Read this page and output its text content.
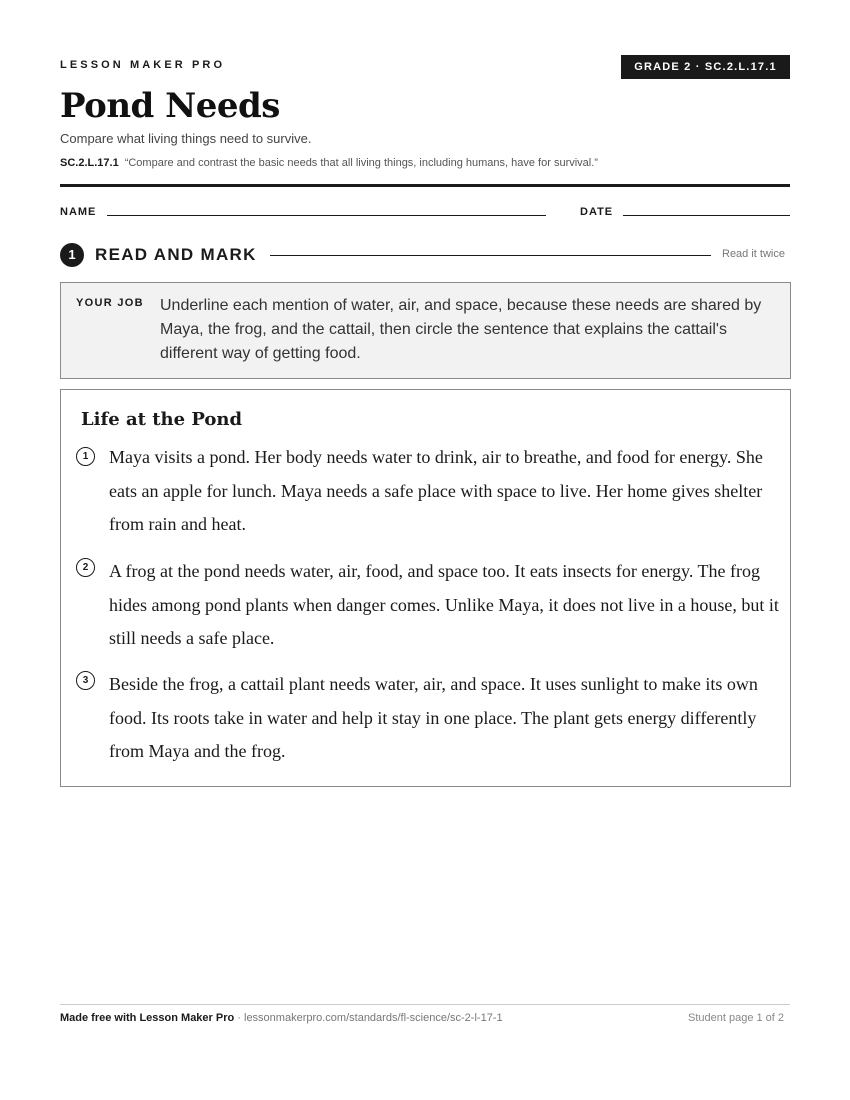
LESSON MAKER PRO	GRADE 2 · SC.2.L.17.1
Pond Needs
Compare what living things need to survive.
SC.2.L.17.1 “Compare and contrast the basic needs that all living things, including humans, have for survival.”
NAME	DATE
1	READ AND MARK	Read it twice
YOUR JOB Underline each mention of water, air, and space, because these needs are shared by Maya, the frog, and the cattail, then circle the sentence that explains the cattail's different way of getting food.
Life at the Pond
1	Maya visits a pond. Her body needs water to drink, air to breathe, and food for energy. She eats an apple for lunch. Maya needs a safe place with space to live. Her home gives shelter from rain and heat.
2	A frog at the pond needs water, air, food, and space too. It eats insects for energy. The frog hides among pond plants when danger comes. Unlike Maya, it does not live in a house, but it still needs a safe place.
3	Beside the frog, a cattail plant needs water, air, and space. It uses sunlight to make its own food. Its roots take in water and help it stay in one place. The plant gets energy differently from Maya and the frog.
Made free with Lesson Maker Pro · lessonmakerpro.com/standards/fl-science/sc-2-l-17-1	Student page 1 of 2
